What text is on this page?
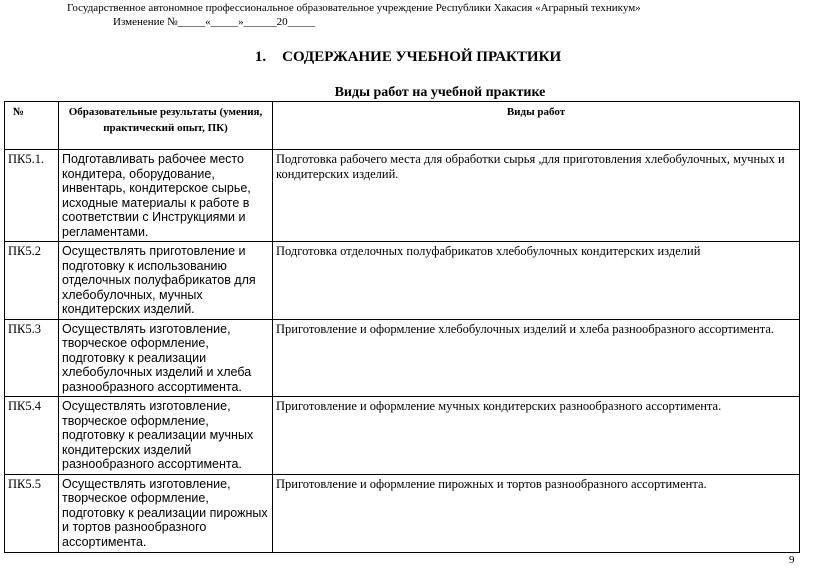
Государственное автономное профессиональное образовательное учреждение Республики Хакасия «Аграрный техникум»
Изменение №_____«_____»______20_____
1. СОДЕРЖАНИЕ УЧЕБНОЙ ПРАКТИКИ
Виды работ на учебной практике
№	Образовательные результаты (умения, практический опыт, ПК)	Виды работ
ПК5.1.	Подготавливать рабочее место кондитера, оборудование, инвентарь, кондитерское сырье, исходные материалы к работе в соответствии с Инструкциями и регламентами.	Подготовка рабочего места для обработки сырья ,для приготовления хлебобулочных, мучных и кондитерских изделий.
ПК5.2	Осуществлять приготовление и подготовку к использованию отделочных полуфабрикатов для хлебобулочных, мучных кондитерских изделий.	Подготовка отделочных полуфабрикатов хлебобулочных кондитерских изделий
ПК5.3	Осуществлять изготовление, творческое оформление, подготовку к реализации хлебобулочных изделий и хлеба разнообразного ассортимента.	Приготовление и оформление хлебобулочных изделий и хлеба разнообразного ассортимента.
ПК5.4	Осуществлять изготовление, творческое оформление, подготовку к реализации мучных кондитерских изделий разнообразного ассортимента.	Приготовление и оформление мучных кондитерских разнообразного ассортимента.
ПК5.5	Осуществлять изготовление, творческое оформление, подготовку к реализации пирожных и тортов разнообразного ассортимента.	Приготовление и оформление пирожных и тортов разнообразного ассортимента.
9
